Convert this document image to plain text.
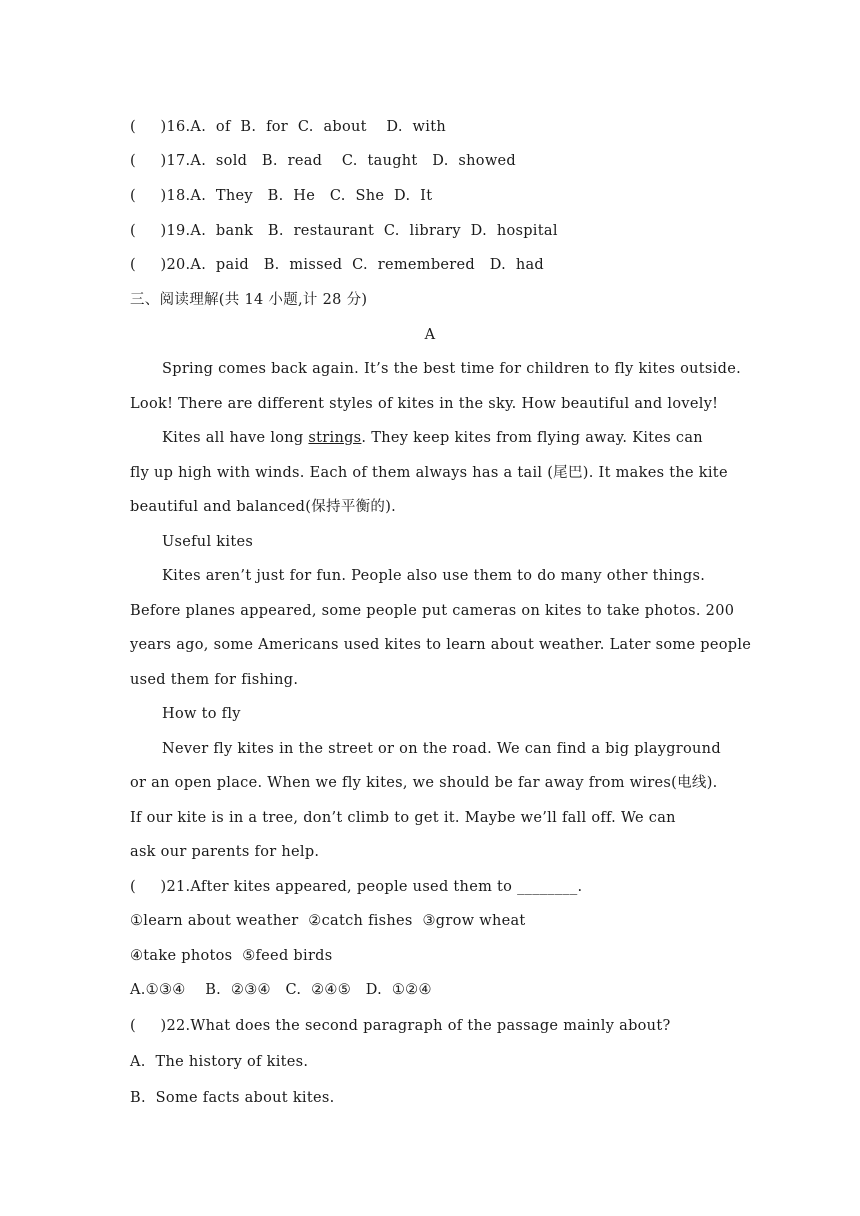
(     )16.A.  of  B.  for  C.  about    D.  with
(     )17.A.  sold   B.  read    C.  taught   D.  showed
(     )18.A.  They   B.  He   C.  She  D.  It
(     )19.A.  bank   B.  restaurant  C.  library  D.  hospital
(     )20.A.  paid   B.  missed  C.  remembered   D.  had
三、阅读理解(共 14 小题,计 28 分)
A
Spring comes back again. It’s the best time for children to fly kites outside.
Look! There are different styles of kites in the sky. How beautiful and lovely!
Kites all have long strings. They keep kites from flying away. Kites can
fly up high with winds. Each of them always has a tail (尾巴). It makes the kite
beautiful and balanced(保持平衡的).
Useful kites
Kites aren’t just for fun. People also use them to do many other things.
Before planes appeared, some people put cameras on kites to take photos. 200
years ago, some Americans used kites to learn about weather. Later some people
used them for fishing.
How to fly
Never fly kites in the street or on the road. We can find a big playground
or an open place. When we fly kites, we should be far away from wires(电线).
If our kite is in a tree, don’t climb to get it. Maybe we’ll fall off. We can
ask our parents for help.
(     )21.After kites appeared, people used them to ________.
①learn about weather  ②catch fishes  ③grow wheat
④take photos  ⑤feed birds
A.①③④    B.  ②③④   C.  ②④⑤   D.  ①②④
(     )22.What does the second paragraph of the passage mainly about?
A.  The history of kites.
B.  Some facts about kites.
